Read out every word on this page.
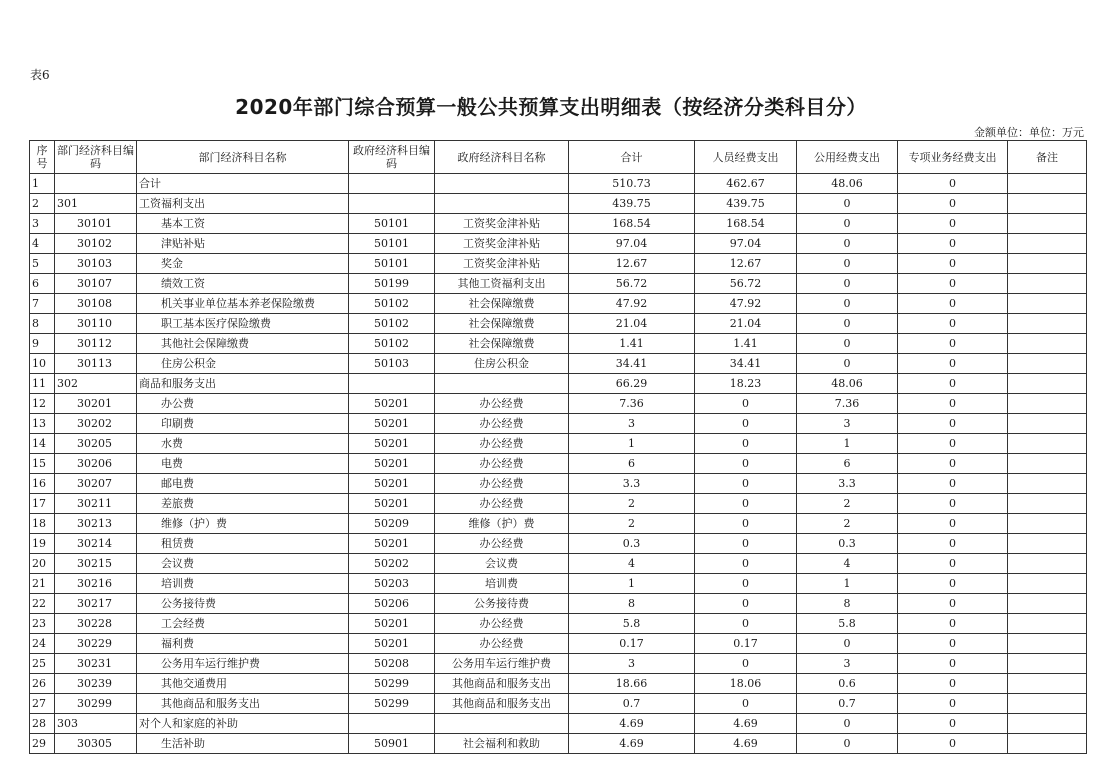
表6
2020年部门综合预算一般公共预算支出明细表（按经济分类科目分）
金额单位：单位：万元
序号	部门经济科目编码	部门经济科目名称	政府经济科目编码	政府经济科目名称	合计	人员经费支出	公用经费支出	专项业务经费支出	备注
1		合计			510.73	462.67	48.06	0	
2	301	工资福利支出			439.75	439.75	0	0	
3	30101	基本工资	50101	工资奖金津补贴	168.54	168.54	0	0	
4	30102	津贴补贴	50101	工资奖金津补贴	97.04	97.04	0	0	
5	30103	奖金	50101	工资奖金津补贴	12.67	12.67	0	0	
6	30107	绩效工资	50199	其他工资福利支出	56.72	56.72	0	0	
7	30108	机关事业单位基本养老保险缴费	50102	社会保障缴费	47.92	47.92	0	0	
8	30110	职工基本医疗保险缴费	50102	社会保障缴费	21.04	21.04	0	0	
9	30112	其他社会保障缴费	50102	社会保障缴费	1.41	1.41	0	0	
10	30113	住房公积金	50103	住房公积金	34.41	34.41	0	0	
11	302	商品和服务支出			66.29	18.23	48.06	0	
12	30201	办公费	50201	办公经费	7.36	0	7.36	0	
13	30202	印刷费	50201	办公经费	3	0	3	0	
14	30205	水费	50201	办公经费	1	0	1	0	
15	30206	电费	50201	办公经费	6	0	6	0	
16	30207	邮电费	50201	办公经费	3.3	0	3.3	0	
17	30211	差旅费	50201	办公经费	2	0	2	0	
18	30213	维修（护）费	50209	维修（护）费	2	0	2	0	
19	30214	租赁费	50201	办公经费	0.3	0	0.3	0	
20	30215	会议费	50202	会议费	4	0	4	0	
21	30216	培训费	50203	培训费	1	0	1	0	
22	30217	公务接待费	50206	公务接待费	8	0	8	0	
23	30228	工会经费	50201	办公经费	5.8	0	5.8	0	
24	30229	福利费	50201	办公经费	0.17	0.17	0	0	
25	30231	公务用车运行维护费	50208	公务用车运行维护费	3	0	3	0	
26	30239	其他交通费用	50299	其他商品和服务支出	18.66	18.06	0.6	0	
27	30299	其他商品和服务支出	50299	其他商品和服务支出	0.7	0	0.7	0	
28	303	对个人和家庭的补助			4.69	4.69	0	0	
29	30305	生活补助	50901	社会福利和救助	4.69	4.69	0	0	
